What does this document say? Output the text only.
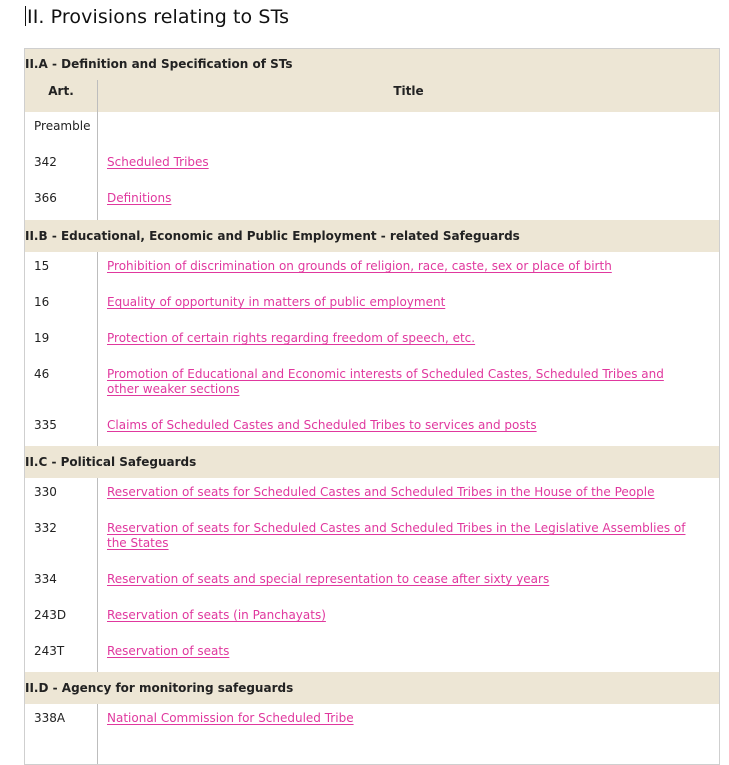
II. Provisions relating to STs
II.A - Definition and Specification of STs
Art.	Title
Preamble
342	Scheduled Tribes
366	Definitions
II.B - Educational, Economic and Public Employment - related Safeguards
15	Prohibition of discrimination on grounds of religion, race, caste, sex or place of birth
16	Equality of opportunity in matters of public employment
19	Protection of certain rights regarding freedom of speech, etc.
46	Promotion of Educational and Economic interests of Scheduled Castes, Scheduled Tribes and other weaker sections
335	Claims of Scheduled Castes and Scheduled Tribes to services and posts
II.C - Political Safeguards
330	Reservation of seats for Scheduled Castes and Scheduled Tribes in the House of the People
332	Reservation of seats for Scheduled Castes and Scheduled Tribes in the Legislative Assemblies of the States
334	Reservation of seats and special representation to cease after sixty years
243D	Reservation of seats (in Panchayats)
243T	Reservation of seats
II.D - Agency for monitoring safeguards
338A	National Commission for Scheduled Tribe
